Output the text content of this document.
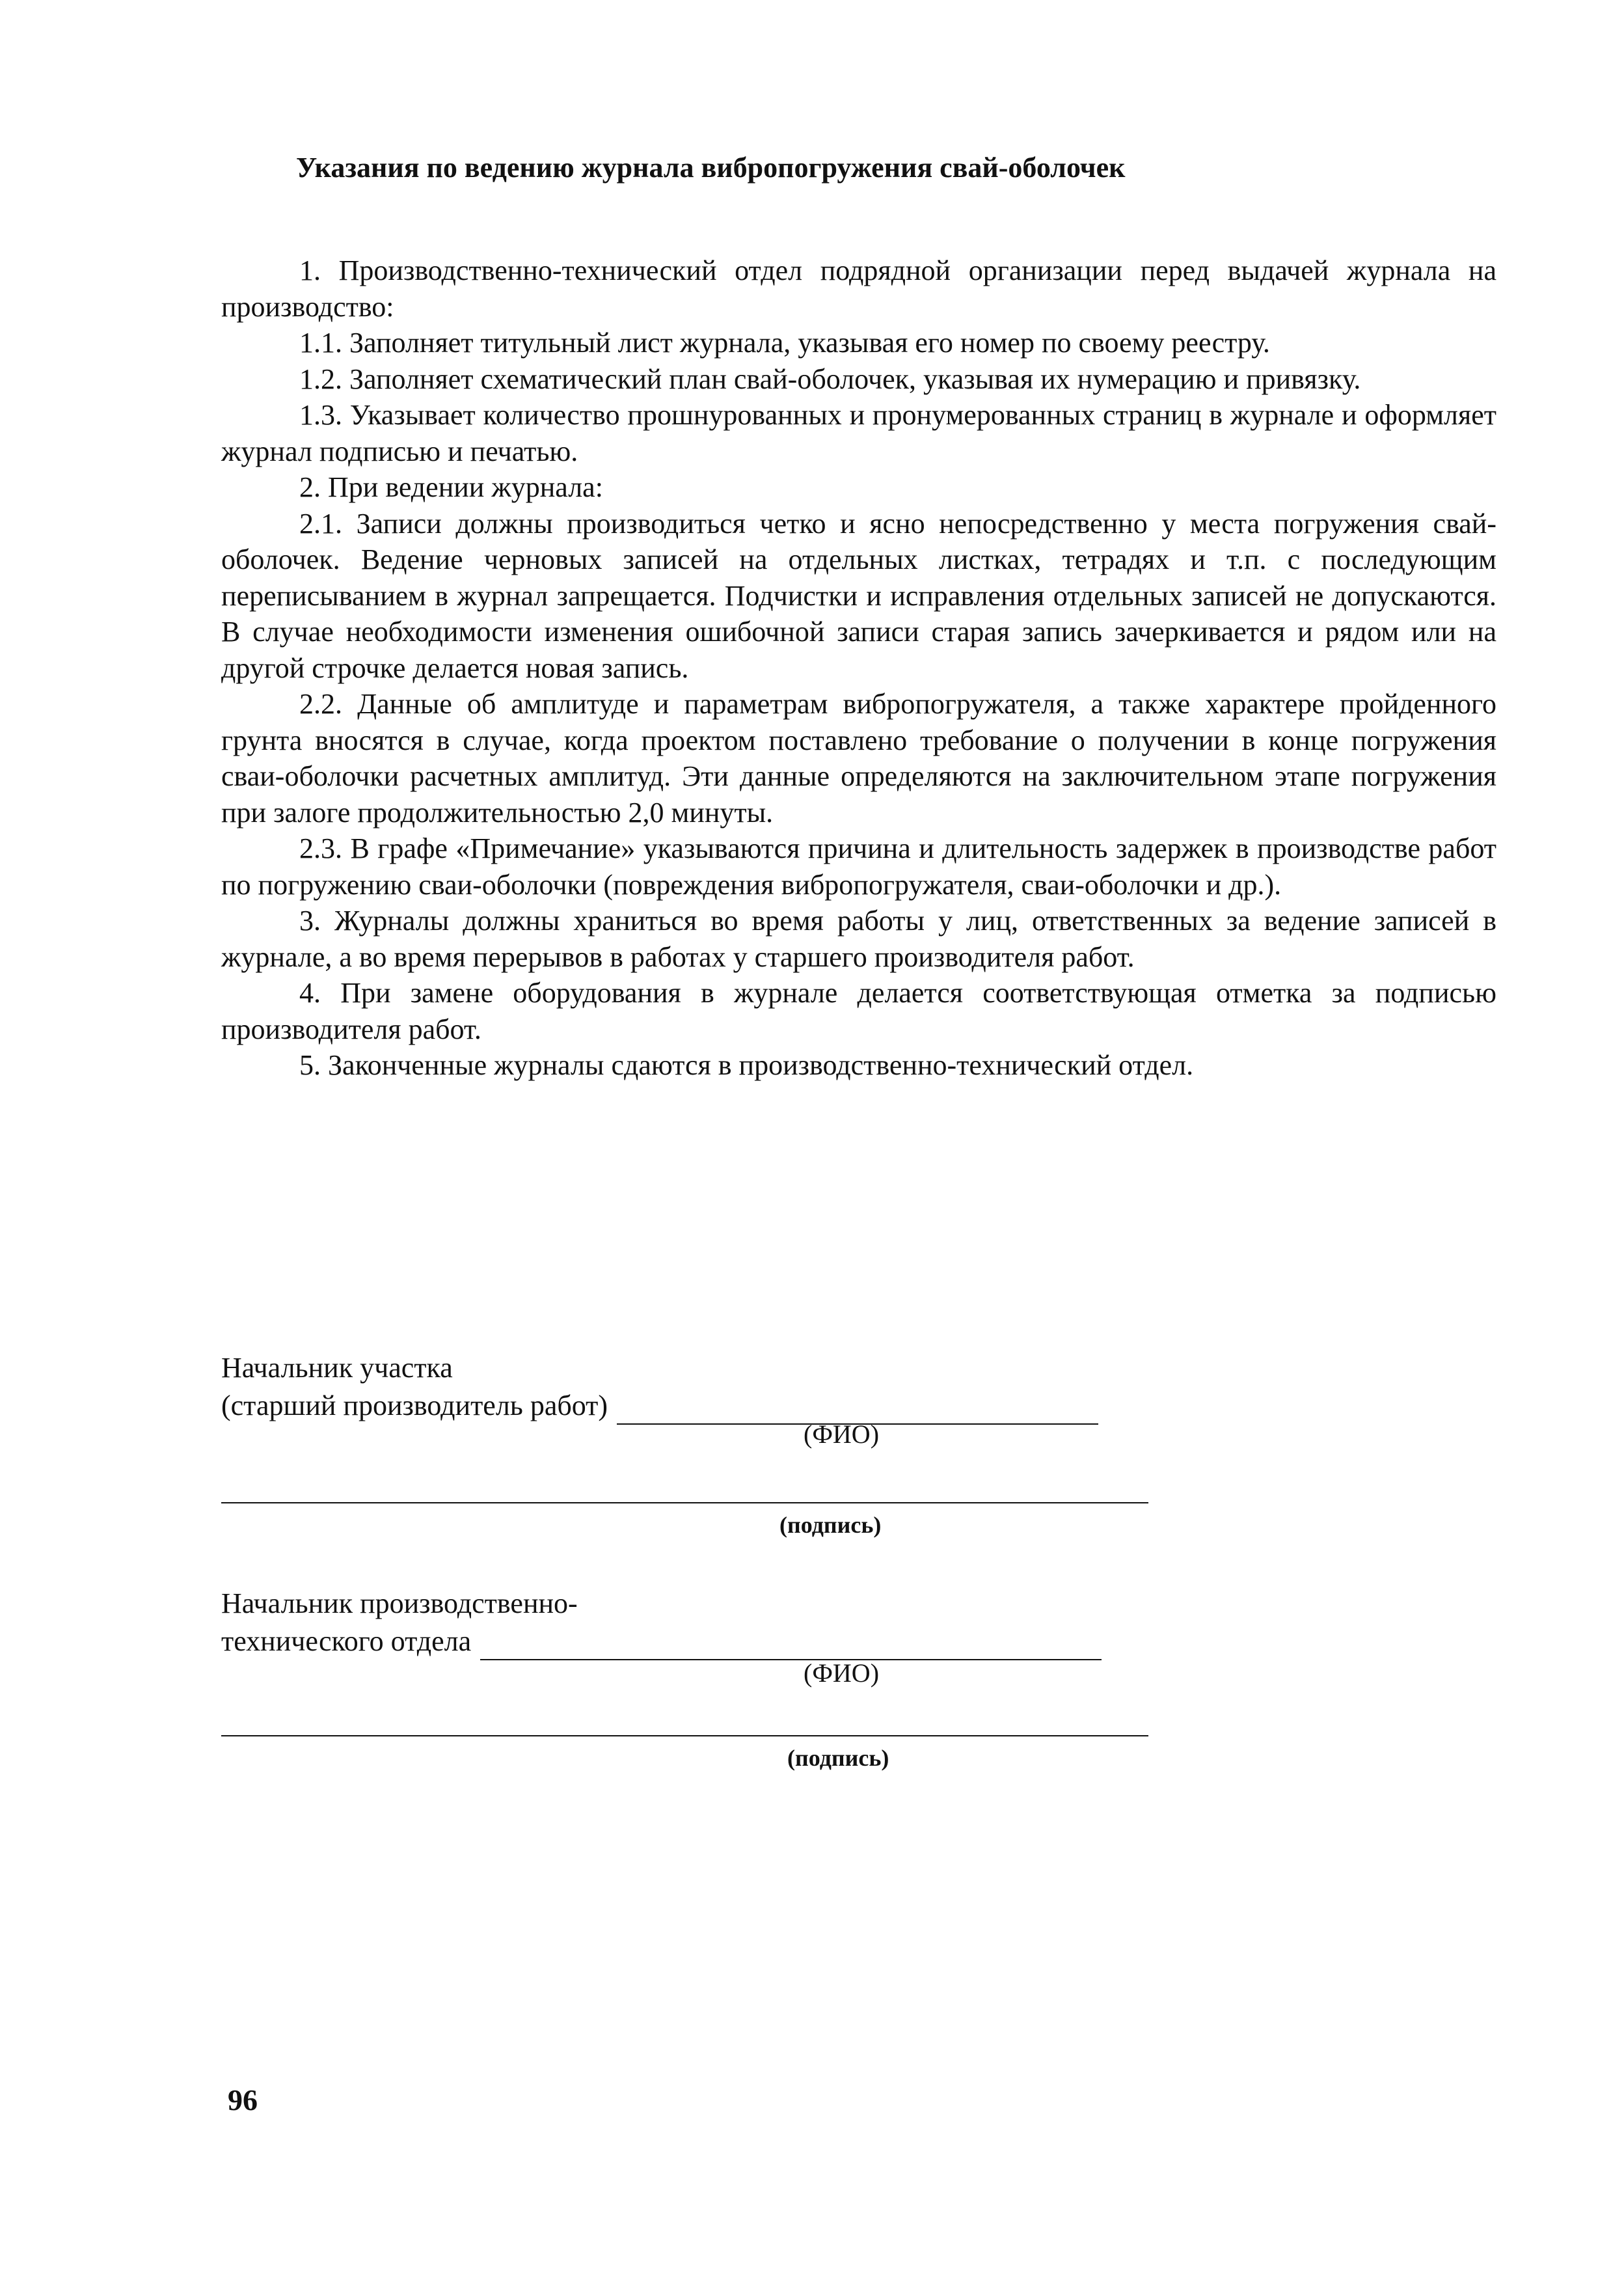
Указания по ведению журнала вибропогружения свай-оболочек

1. Производственно-технический отдел подрядной организации перед выдачей журнала на производство:

1.1. Заполняет титульный лист журнала, указывая его номер по своему реестру.

1.2. Заполняет схематический план свай-оболочек, указывая их нумерацию и привязку.

1.3. Указывает количество прошнурованных и пронумерованных страниц в журнале и оформляет журнал подписью и печатью.

2. При ведении журнала:

2.1. Записи должны производиться четко и ясно непосредственно у места погружения свай-оболочек. Ведение черновых записей на отдельных листках, тетрадях и т.п. с последующим переписыванием в журнал запрещается. Подчистки и исправления отдельных записей не допускаются. В случае необходимости изменения ошибочной записи старая запись зачеркивается и рядом или на другой строчке делается новая запись.

2.2. Данные об амплитуде и параметрам вибропогружателя, а также характере пройденного грунта вносятся в случае, когда проектом поставлено требование о получении в конце погружения сваи-оболочки расчетных амплитуд. Эти данные определяются на заключительном этапе погружения при залоге продолжительностью 2,0 минуты.

2.3. В графе «Примечание» указываются причина и длительность задержек в производстве работ по погружению сваи-оболочки (повреждения вибропогружателя, сваи-оболочки и др.).

3. Журналы должны храниться во время работы у лиц, ответственных за ведение записей в журнале, а во время перерывов в работах у старшего производителя работ.

4. При замене оборудования в журнале делается соответствующая отметка за подписью производителя работ.

5. Законченные журналы сдаются в производственно-технический отдел.

Начальник участка
(старший производитель работ)
(ФИО)
(подпись)
Начальник производственно-
технического отдела
(ФИО)
(подпись)
96
